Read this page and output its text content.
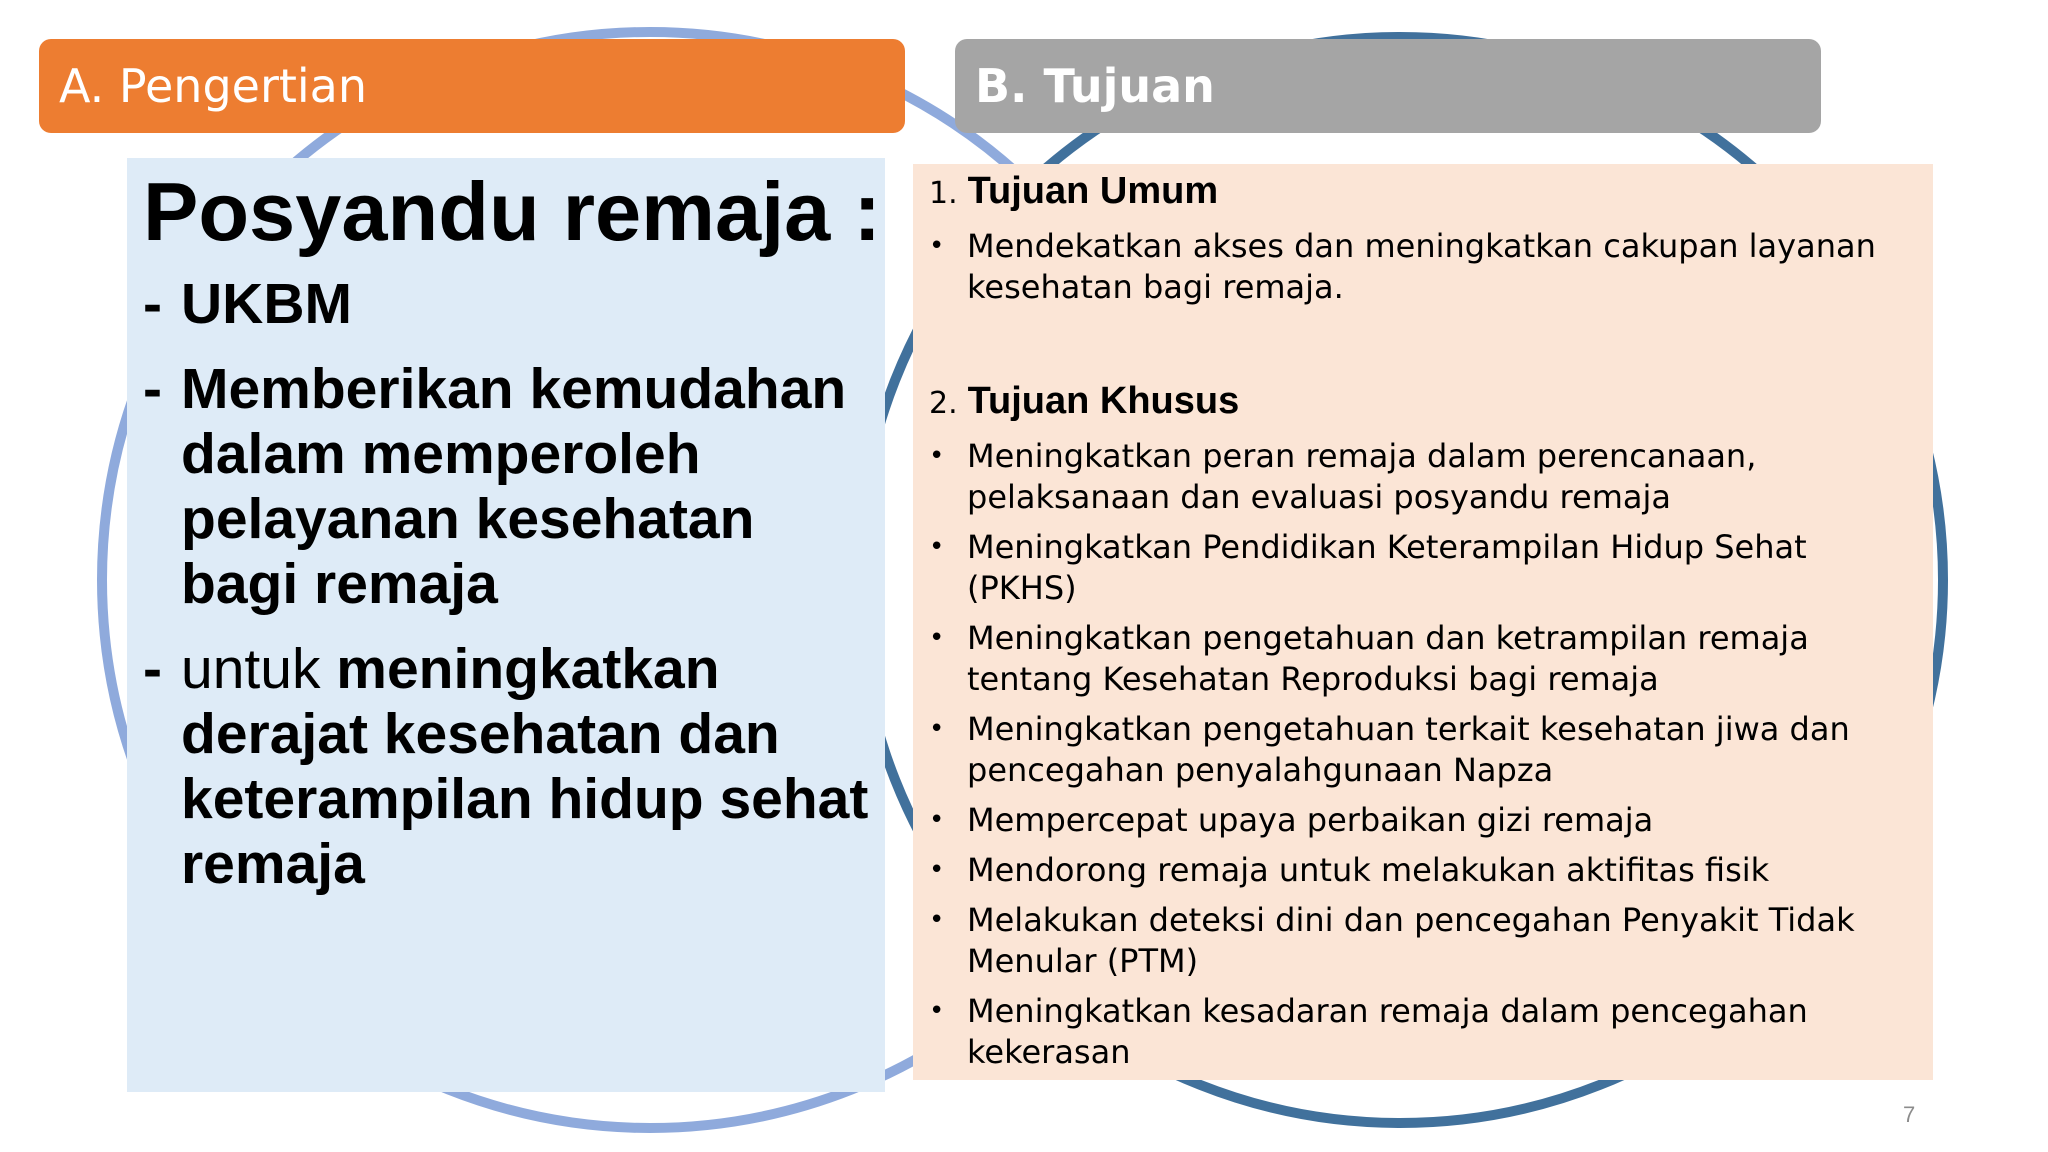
A. Pengertian	B. Tujuan
Posyandu remaja :
- UKBM
- Memberikan kemudahan dalam memperoleh pelayanan kesehatan bagi remaja
- untuk meningkatkan derajat kesehatan dan keterampilan hidup sehat remaja
1. Tujuan Umum
• Mendekatkan akses dan meningkatkan cakupan layanan kesehatan bagi remaja.
2. Tujuan Khusus
• Meningkatkan peran remaja dalam perencanaan, pelaksanaan dan evaluasi posyandu remaja
• Meningkatkan Pendidikan Keterampilan Hidup Sehat (PKHS)
• Meningkatkan pengetahuan dan ketrampilan remaja tentang Kesehatan Reproduksi bagi remaja
• Meningkatkan pengetahuan terkait kesehatan jiwa dan pencegahan penyalahgunaan Napza
• Mempercepat upaya perbaikan gizi remaja
• Mendorong remaja untuk melakukan aktifitas fisik
• Melakukan deteksi dini dan pencegahan Penyakit Tidak Menular (PTM)
• Meningkatkan kesadaran remaja dalam pencegahan kekerasan
7
